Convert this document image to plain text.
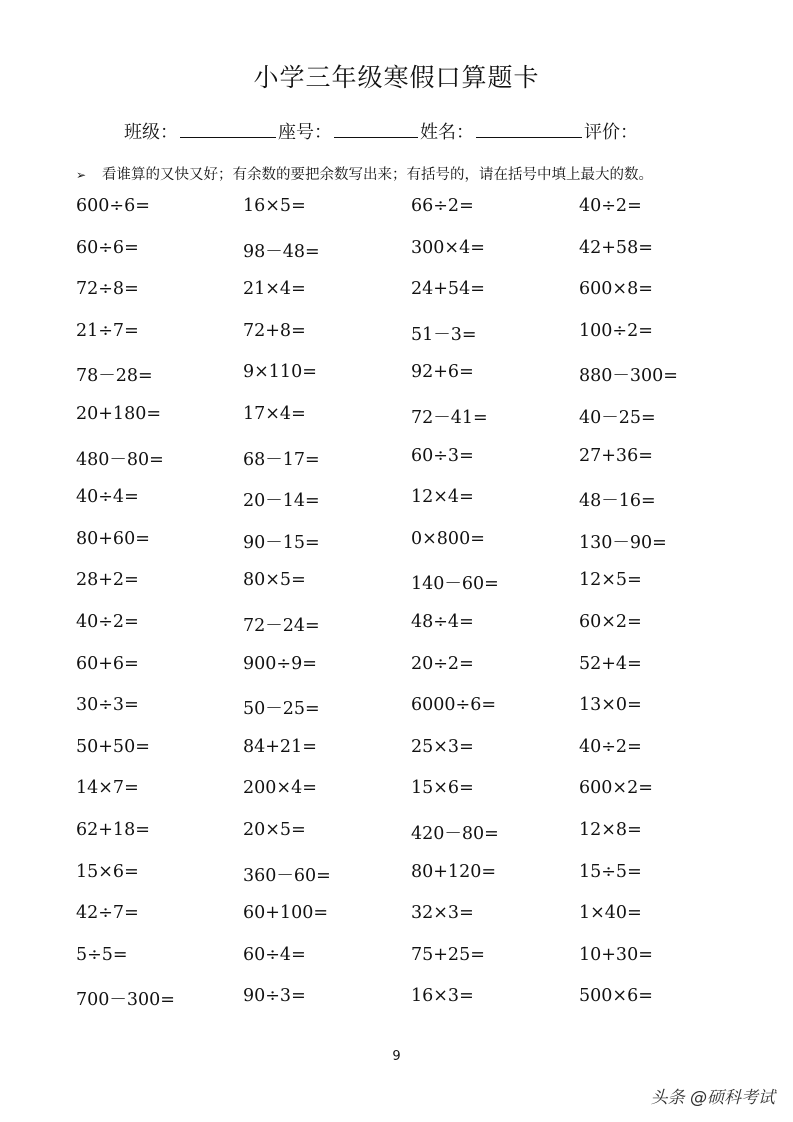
小学三年级寒假口算题卡
班级：	座号：	姓名：	评价：
➢ 看谁算的又快又好；有余数的要把余数写出来；有括号的，请在括号中填上最大的数。
600÷6=	16×5=	66÷2=	40÷2=
60÷6=	98－48=	300×4=	42+58=
72÷8=	21×4=	24+54=	600×8=
21÷7=	72+8=	51－3=	100÷2=
78－28=	9×110=	92+6=	880－300=
20+180=	17×4=	72－41=	40－25=
480－80=	68－17=	60÷3=	27+36=
40÷4=	20－14=	12×4=	48－16=
80+60=	90－15=	0×800=	130－90=
28+2=	80×5=	140－60=	12×5=
40÷2=	72－24=	48÷4=	60×2=
60+6=	900÷9=	20÷2=	52+4=
30÷3=	50－25=	6000÷6=	13×0=
50+50=	84+21=	25×3=	40÷2=
14×7=	200×4=	15×6=	600×2=
62+18=	20×5=	420－80=	12×8=
15×6=	360－60=	80+120=	15÷5=
42÷7=	60+100=	32×3=	1×40=
5÷5=	60÷4=	75+25=	10+30=
700－300=	90÷3=	16×3=	500×6=
9
头条 @硕科考试
